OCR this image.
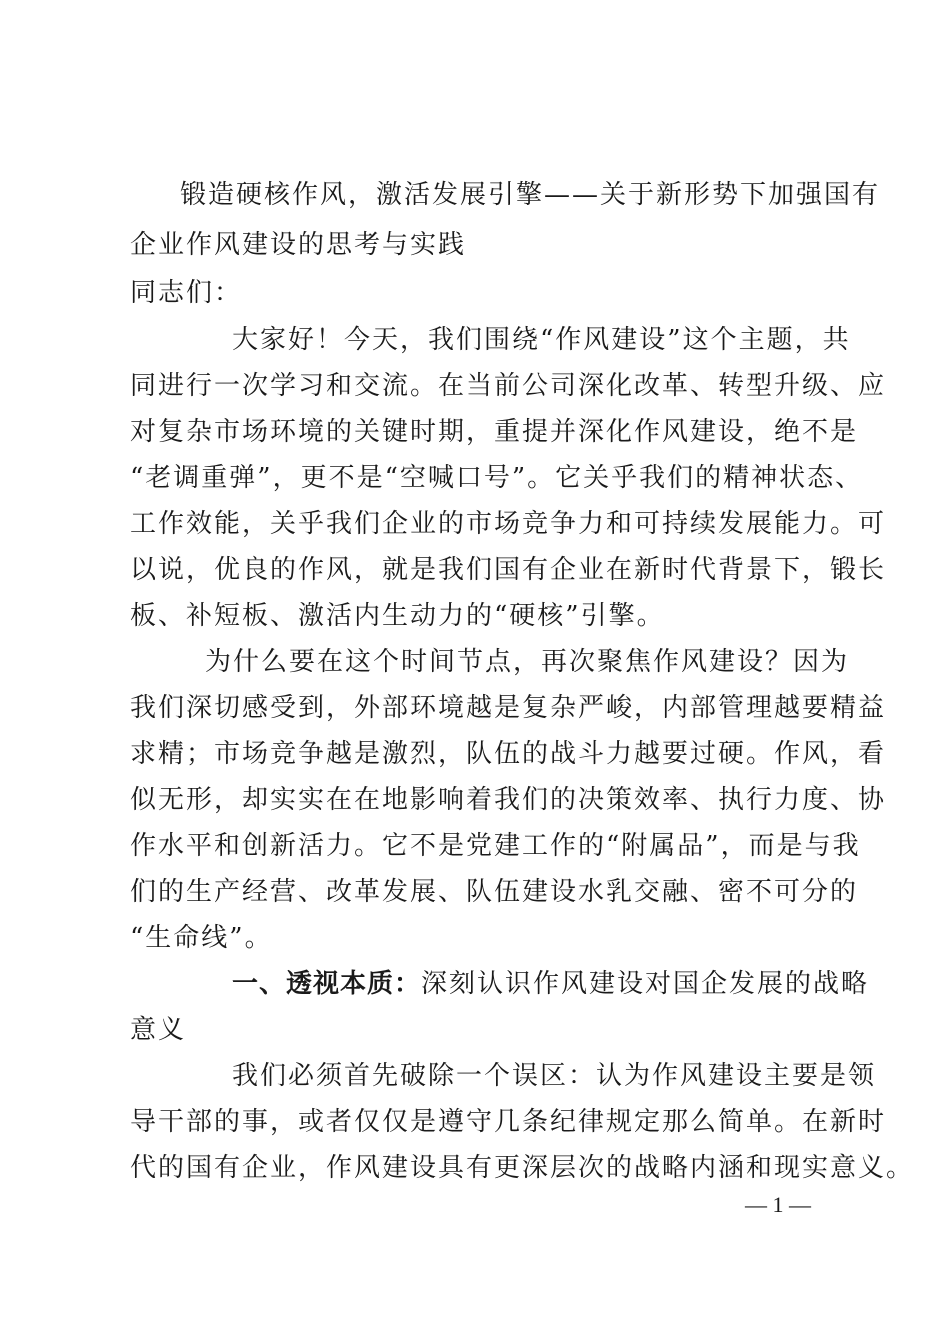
锻造硬核作风，激活发展引擎——关于新形势下加强国有
企业作风建设的思考与实践
同志们：
大家好！今天，我们围绕“作风建设”这个主题，共
同进行一次学习和交流。在当前公司深化改革、转型升级、应
对复杂市场环境的关键时期，重提并深化作风建设，绝不是
“老调重弹”，更不是“空喊口号”。它关乎我们的精神状态、
工作效能，关乎我们企业的市场竞争力和可持续发展能力。可
以说，优良的作风，就是我们国有企业在新时代背景下，锻长
板、补短板、激活内生动力的“硬核”引擎。
为什么要在这个时间节点，再次聚焦作风建设？因为
我们深切感受到，外部环境越是复杂严峻，内部管理越要精益
求精；市场竞争越是激烈，队伍的战斗力越要过硬。作风，看
似无形，却实实在在地影响着我们的决策效率、执行力度、协
作水平和创新活力。它不是党建工作的“附属品”，而是与我
们的生产经营、改革发展、队伍建设水乳交融、密不可分的
“生命线”。
一、透视本质：深刻认识作风建设对国企发展的战略
意义
我们必须首先破除一个误区：认为作风建设主要是领
导干部的事，或者仅仅是遵守几条纪律规定那么简单。在新时
代的国有企业，作风建设具有更深层次的战略内涵和现实意义。
— 1 —
